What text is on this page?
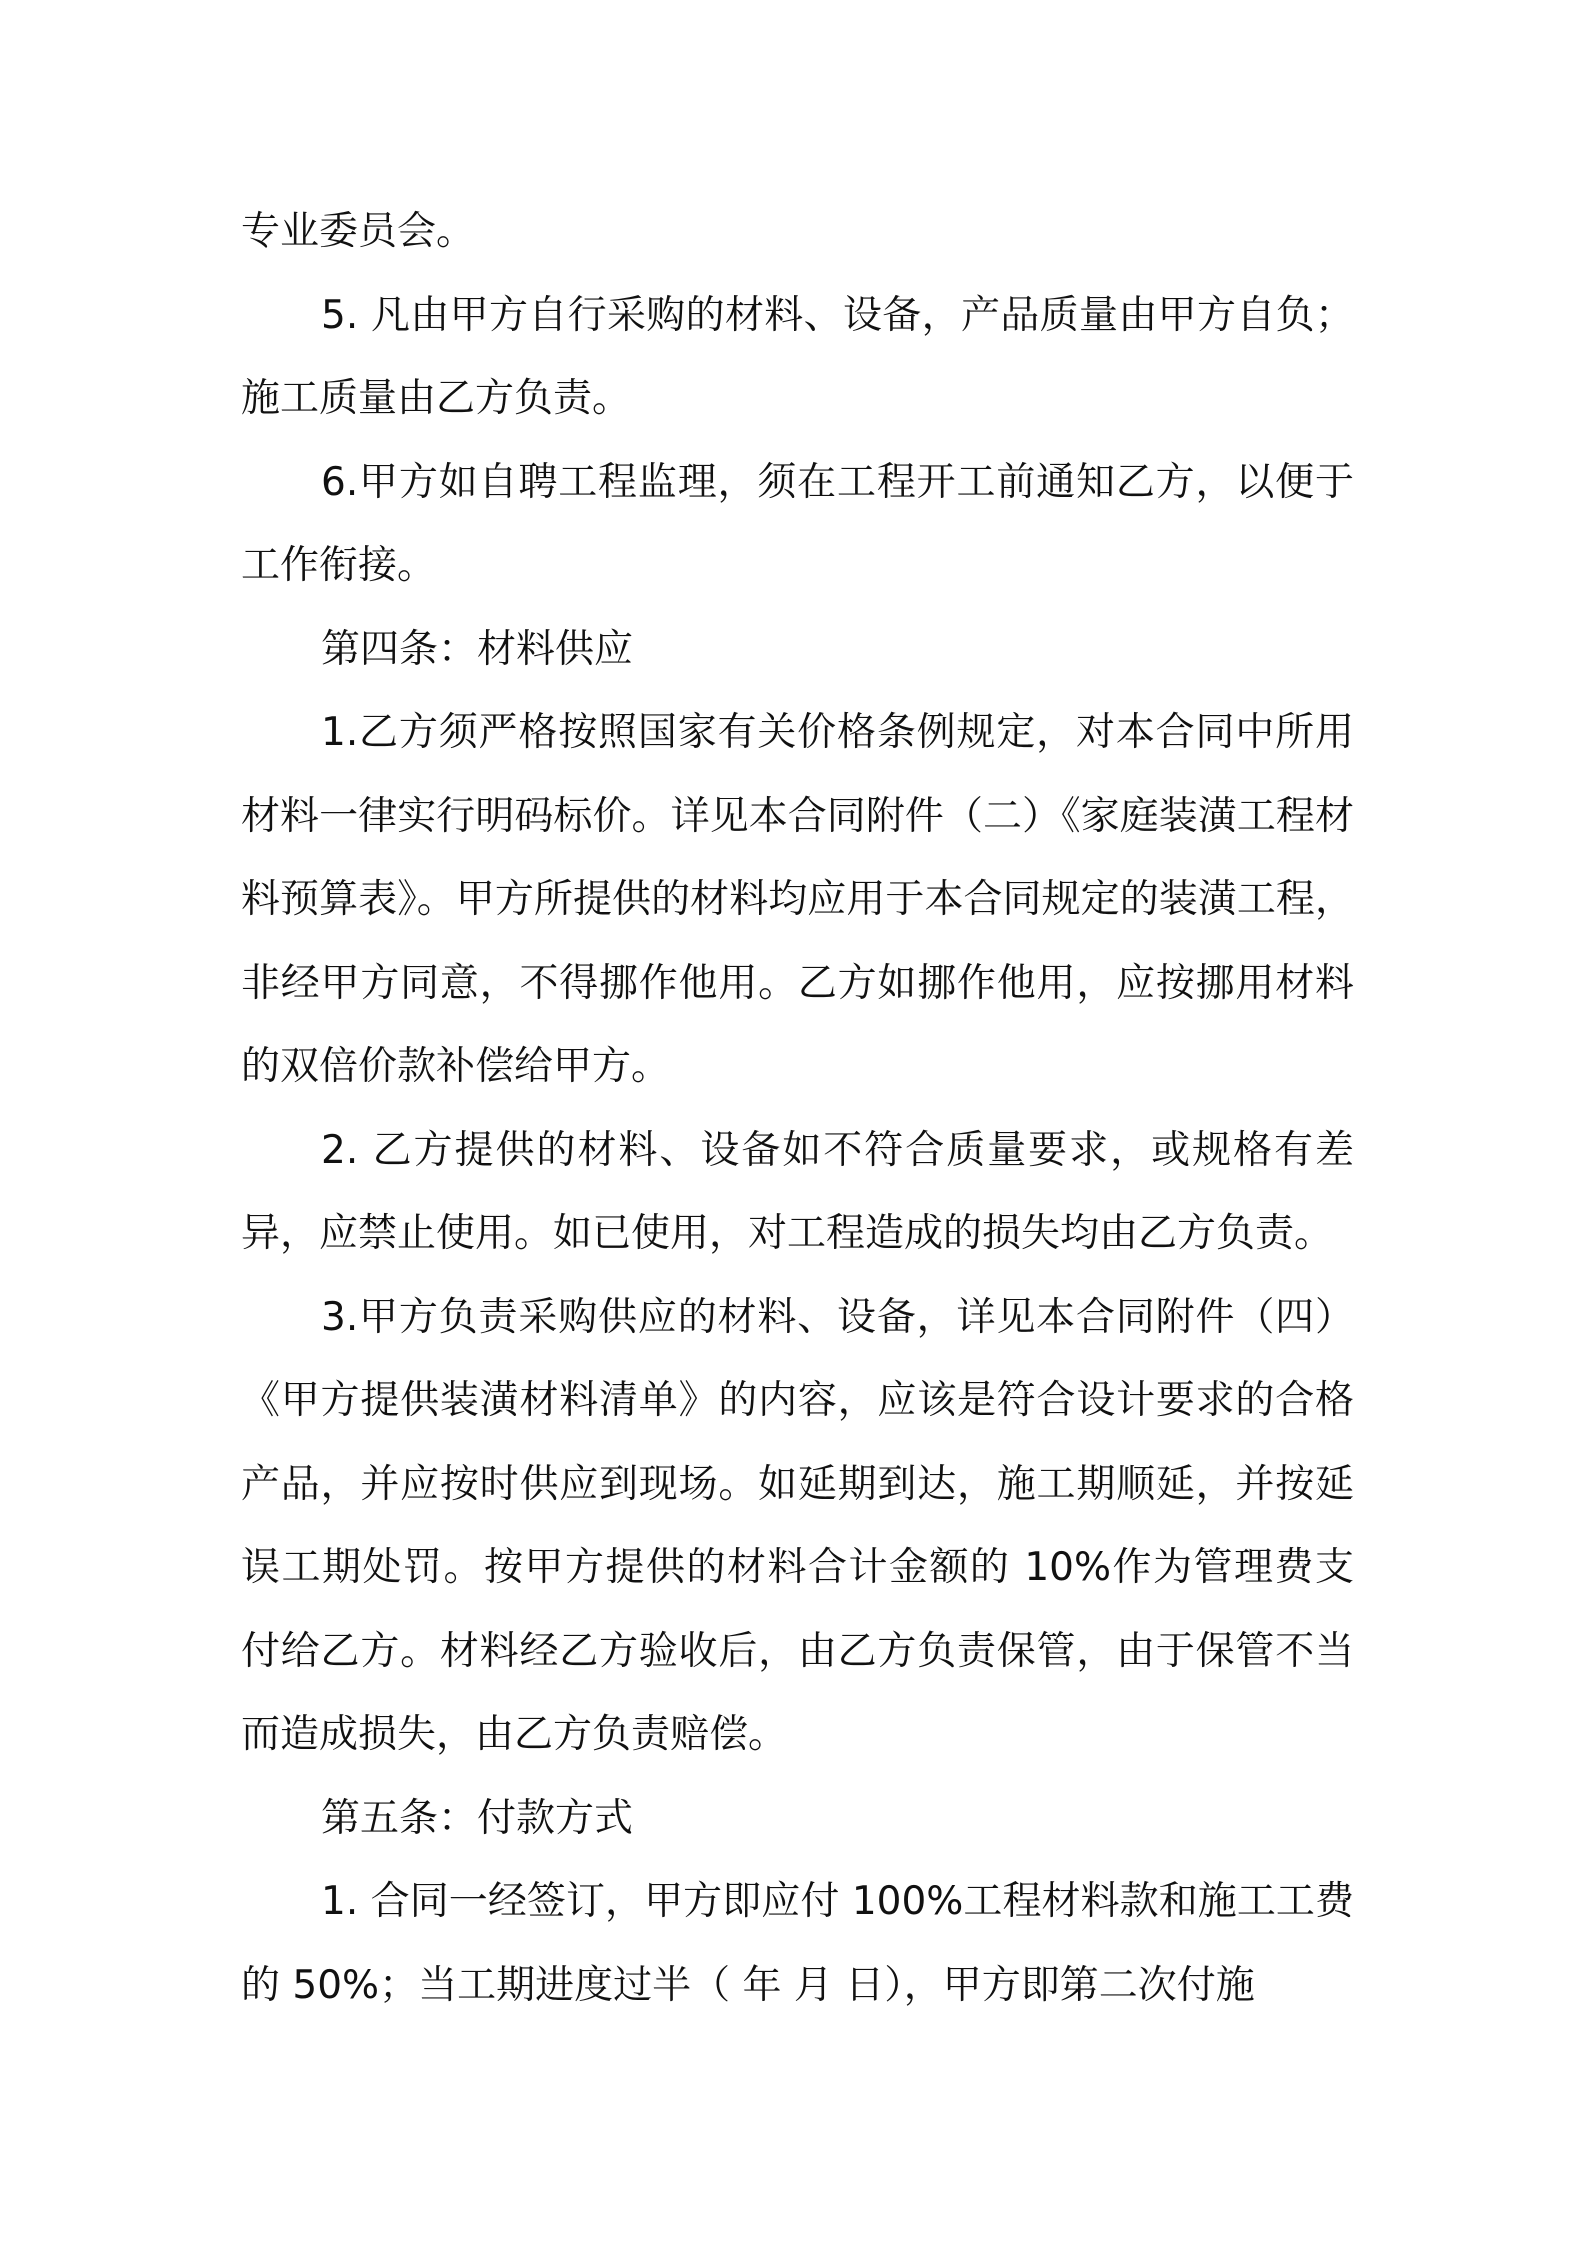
专业委员会。

5. 凡由甲方自行采购的材料、设备，产品质量由甲方自负；施工质量由乙方负责。

6.甲方如自聘工程监理，须在工程开工前通知乙方，以便于工作衔接。

第四条：材料供应

1.乙方须严格按照国家有关价格条例规定，对本合同中所用材料一律实行明码标价。详见本合同附件（二）《家庭装潢工程材料预算表》。甲方所提供的材料均应用于本合同规定的装潢工程，非经甲方同意，不得挪作他用。乙方如挪作他用，应按挪用材料的双倍价款补偿给甲方。

2. 乙方提供的材料、设备如不符合质量要求，或规格有差异，应禁止使用。如已使用，对工程造成的损失均由乙方负责。

3.甲方负责采购供应的材料、设备，详见本合同附件（四）《甲方提供装潢材料清单》的内容，应该是符合设计要求的合格产品，并应按时供应到现场。如延期到达，施工期顺延，并按延误工期处罚。按甲方提供的材料合计金额的 10%作为管理费支付给乙方。材料经乙方验收后，由乙方负责保管，由于保管不当而造成损失，由乙方负责赔偿。

第五条：付款方式

1. 合同一经签订，甲方即应付 100%工程材料款和施工工费的 50%；当工期进度过半（ 年 月 日），甲方即第二次付施
